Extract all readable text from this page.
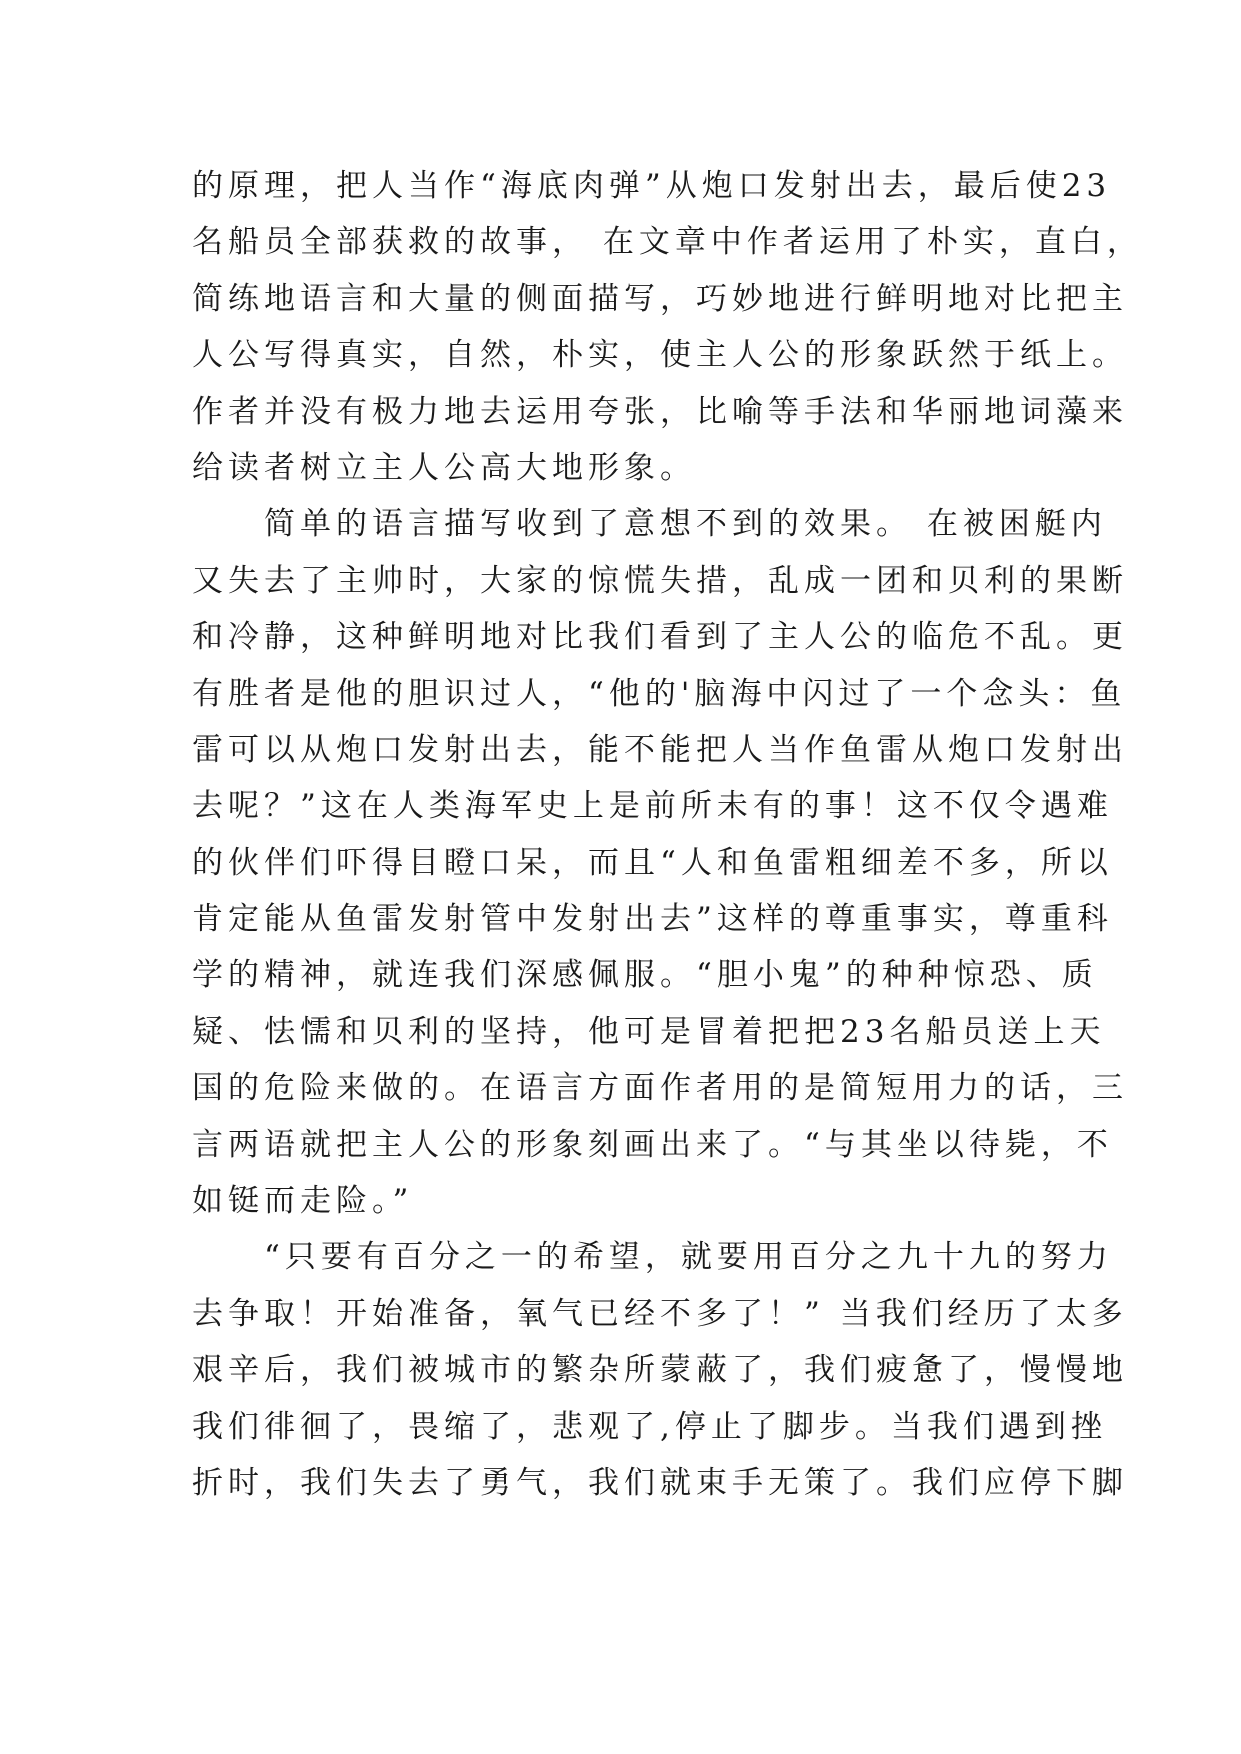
的原理，把人当作“海底肉弹”从炮口发射出去，最后使23
名船员全部获救的故事， 在文章中作者运用了朴实，直白，
简练地语言和大量的侧面描写，巧妙地进行鲜明地对比把主
人公写得真实，自然，朴实，使主人公的形象跃然于纸上。
作者并没有极力地去运用夸张，比喻等手法和华丽地词藻来
给读者树立主人公高大地形象。
　　简单的语言描写收到了意想不到的效果。 在被困艇内
又失去了主帅时，大家的惊慌失措，乱成一团和贝利的果断
和冷静，这种鲜明地对比我们看到了主人公的临危不乱。更
有胜者是他的胆识过人，“他的'脑海中闪过了一个念头：鱼
雷可以从炮口发射出去，能不能把人当作鱼雷从炮口发射出
去呢？”这在人类海军史上是前所未有的事！这不仅令遇难
的伙伴们吓得目瞪口呆，而且“人和鱼雷粗细差不多，所以
肯定能从鱼雷发射管中发射出去”这样的尊重事实，尊重科
学的精神，就连我们深感佩服。“胆小鬼”的种种惊恐、质
疑、怯懦和贝利的坚持，他可是冒着把把23名船员送上天
国的危险来做的。在语言方面作者用的是简短用力的话，三
言两语就把主人公的形象刻画出来了。“与其坐以待毙，不
如铤而走险。”
　　“只要有百分之一的希望，就要用百分之九十九的努力
去争取！开始准备，氧气已经不多了！” 当我们经历了太多
艰辛后，我们被城市的繁杂所蒙蔽了，我们疲惫了，慢慢地
我们徘徊了，畏缩了，悲观了,停止了脚步。当我们遇到挫
折时，我们失去了勇气，我们就束手无策了。我们应停下脚
